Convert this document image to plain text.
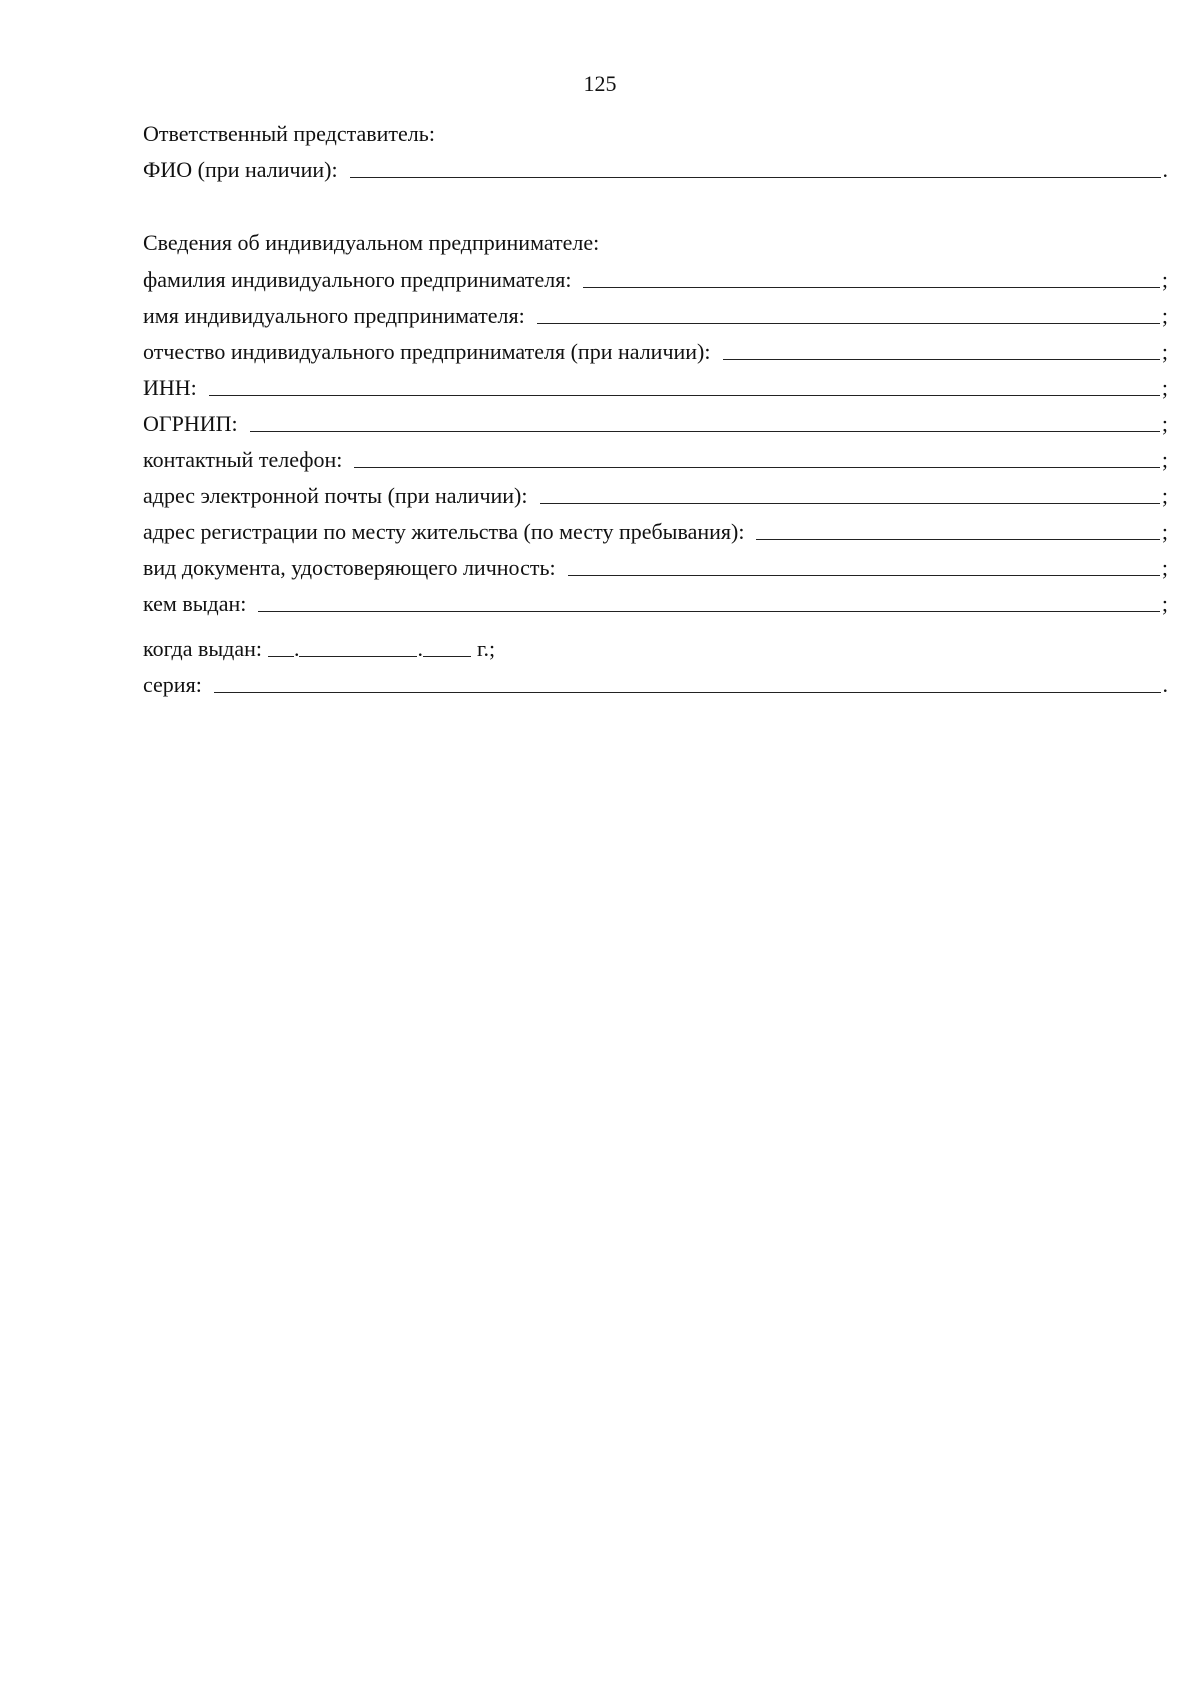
125
Ответственный представитель:
ФИО (при наличии):	.
Сведения об индивидуальном предпринимателе:
фамилия индивидуального предпринимателя:	;
имя индивидуального предпринимателя:	;
отчество индивидуального предпринимателя (при наличии):	;
ИНН:	;
ОГРНИП:	;
контактный телефон:	;
адрес электронной почты (при наличии):	;
адрес регистрации по месту жительства (по месту пребывания):	;
вид документа, удостоверяющего личность:	;
кем выдан:	;
когда выдан: .	. г.;
серия:	.
